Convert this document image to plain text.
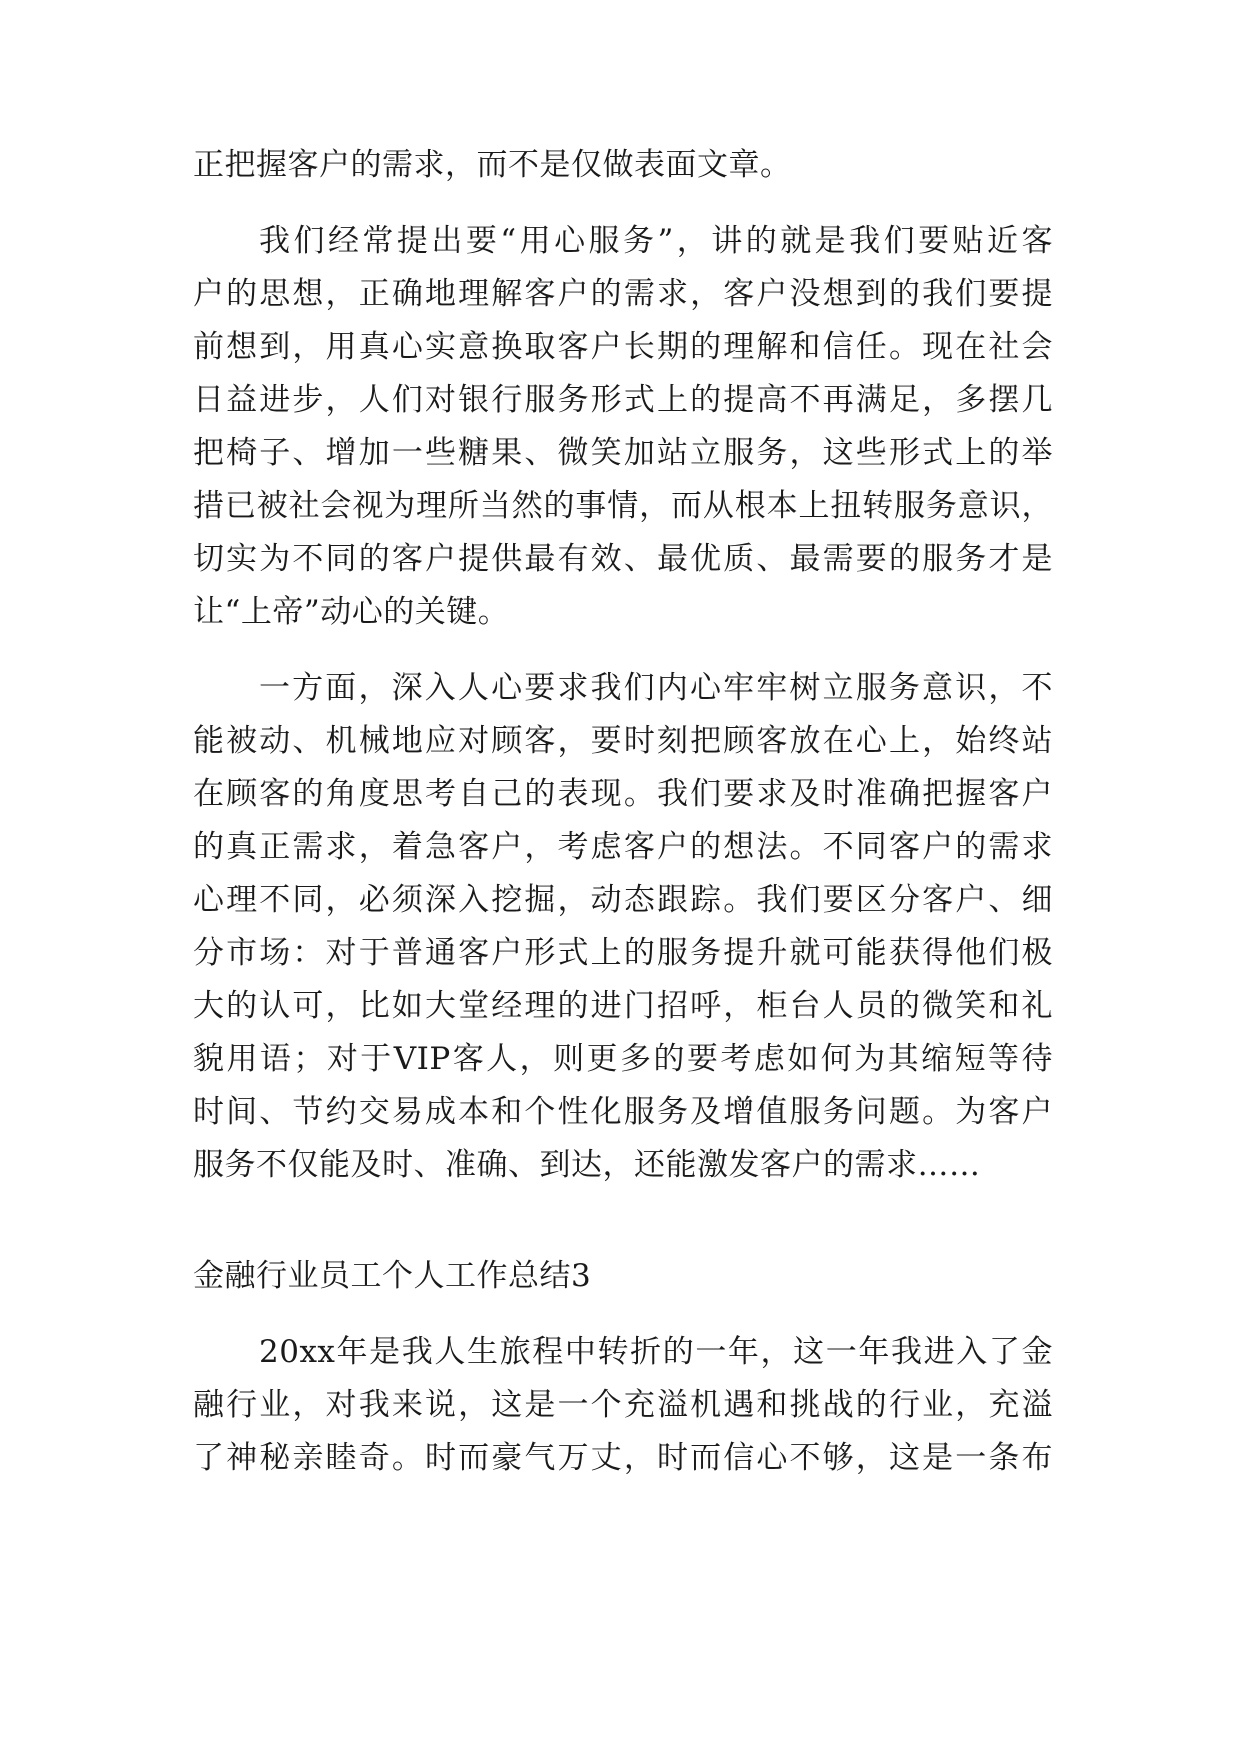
正把握客户的需求，而不是仅做表面文章。
我们经常提出要“用心服务”，讲的就是我们要贴近客
户的思想，正确地理解客户的需求，客户没想到的我们要提
前想到，用真心实意换取客户长期的理解和信任。现在社会
日益进步，人们对银行服务形式上的提高不再满足，多摆几
把椅子、增加一些糖果、微笑加站立服务，这些形式上的举
措已被社会视为理所当然的事情，而从根本上扭转服务意识，
切实为不同的客户提供最有效、最优质、最需要的服务才是
让“上帝”动心的关键。
一方面，深入人心要求我们内心牢牢树立服务意识，不
能被动、机械地应对顾客，要时刻把顾客放在心上，始终站
在顾客的角度思考自己的表现。我们要求及时准确把握客户
的真正需求，着急客户，考虑客户的想法。不同客户的需求
心理不同，必须深入挖掘，动态跟踪。我们要区分客户、细
分市场：对于普通客户形式上的服务提升就可能获得他们极
大的认可，比如大堂经理的进门招呼，柜台人员的微笑和礼
貌用语；对于VIP客人，则更多的要考虑如何为其缩短等待
时间、节约交易成本和个性化服务及增值服务问题。为客户
服务不仅能及时、准确、到达，还能激发客户的需求……
金融行业员工个人工作总结3
20xx年是我人生旅程中转折的一年，这一年我进入了金
融行业，对我来说，这是一个充溢机遇和挑战的行业，充溢
了神秘亲睦奇。时而豪气万丈，时而信心不够，这是一条布
